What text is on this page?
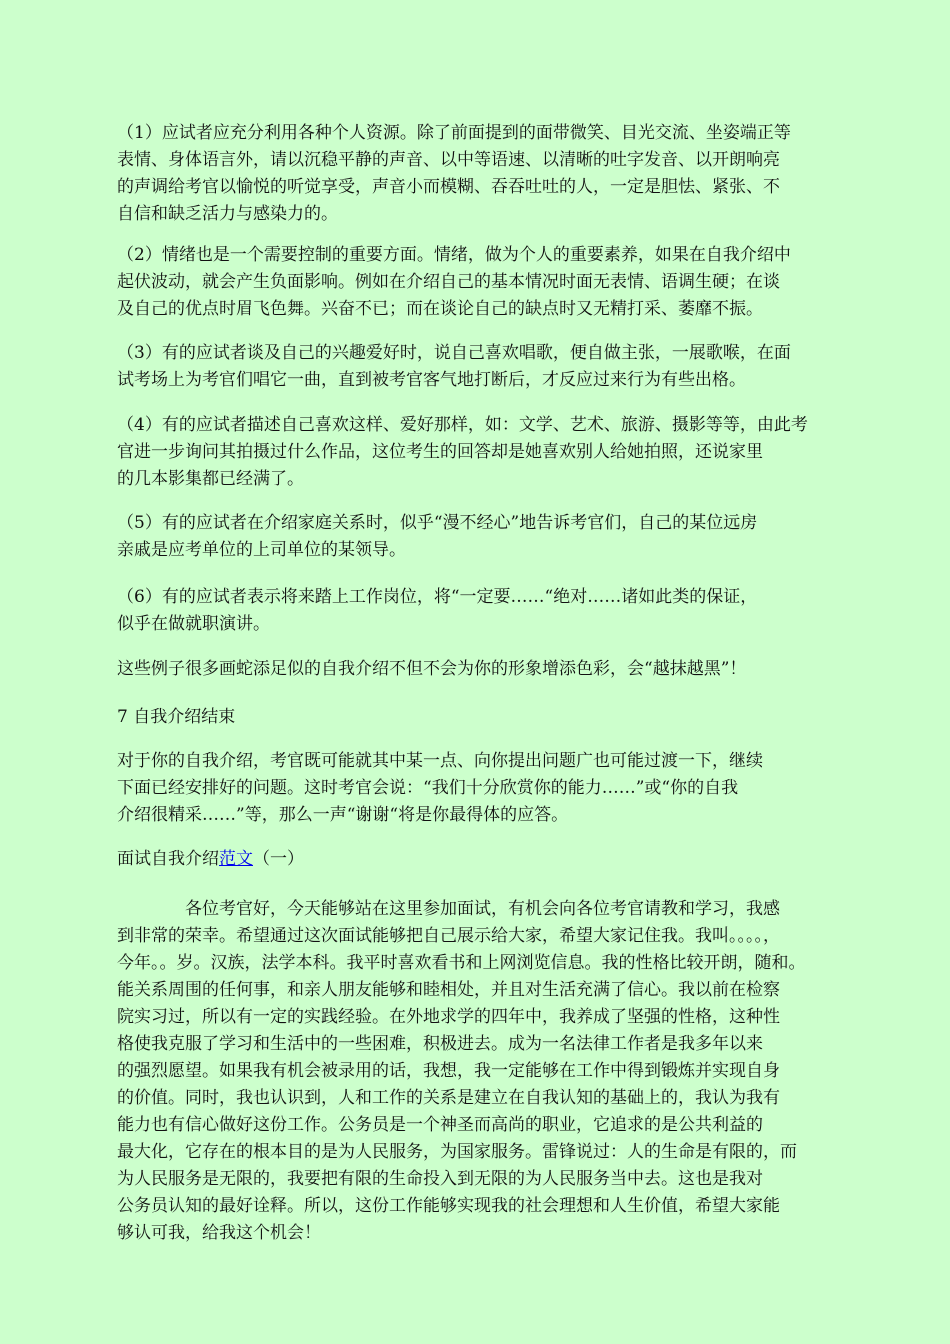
（1）应试者应充分利用各种个人资源。除了前面提到的面带微笑、目光交流、坐姿端正等
表情、身体语言外，请以沉稳平静的声音、以中等语速、以清晰的吐字发音、以开朗响亮
的声调给考官以愉悦的听觉享受，声音小而模糊、吞吞吐吐的人，一定是胆怯、紧张、不
自信和缺乏活力与感染力的。
（2）情绪也是一个需要控制的重要方面。情绪，做为个人的重要素养，如果在自我介绍中
起伏波动，就会产生负面影响。例如在介绍自己的基本情况时面无表情、语调生硬；在谈
及自己的优点时眉飞色舞。兴奋不已；而在谈论自己的缺点时又无精打采、萎靡不振。
（3）有的应试者谈及自己的兴趣爱好时，说自己喜欢唱歌，便自做主张，一展歌喉，在面
试考场上为考官们唱它一曲，直到被考官客气地打断后，才反应过来行为有些出格。
（4）有的应试者描述自己喜欢这样、爱好那样，如：文学、艺术、旅游、摄影等等，由此考
官进一步询问其拍摄过什么作品，这位考生的回答却是她喜欢别人给她拍照，还说家里
的几本影集都已经满了。
（5）有的应试者在介绍家庭关系时，似乎“漫不经心”地告诉考官们，自己的某位远房
亲戚是应考单位的上司单位的某领导。
（6）有的应试者表示将来踏上工作岗位，将“一定要……“绝对……诸如此类的保证，
似乎在做就职演讲。
这些例子很多画蛇添足似的自我介绍不但不会为你的形象增添色彩，会“越抹越黑”！
7 自我介绍结束
对于你的自我介绍，考官既可能就其中某一点、向你提出问题广也可能过渡一下，继续
下面已经安排好的问题。这时考官会说：“我们十分欣赏你的能力……”或“你的自我
介绍很精采……”等，那么一声“谢谢“将是你最得体的应答。
面试自我介绍范文（一）
　　　　各位考官好，今天能够站在这里参加面试，有机会向各位考官请教和学习，我感
到非常的荣幸。希望通过这次面试能够把自己展示给大家，希望大家记住我。我叫。。。。，
今年。。岁。汉族，法学本科。我平时喜欢看书和上网浏览信息。我的性格比较开朗，随和。
能关系周围的任何事，和亲人朋友能够和睦相处，并且对生活充满了信心。我以前在检察
院实习过，所以有一定的实践经验。在外地求学的四年中，我养成了坚强的性格，这种性
格使我克服了学习和生活中的一些困难，积极进去。成为一名法律工作者是我多年以来
的强烈愿望。如果我有机会被录用的话，我想，我一定能够在工作中得到锻炼并实现自身
的价值。同时，我也认识到，人和工作的关系是建立在自我认知的基础上的，我认为我有
能力也有信心做好这份工作。公务员是一个神圣而高尚的职业，它追求的是公共利益的
最大化，它存在的根本目的是为人民服务，为国家服务。雷锋说过：人的生命是有限的，而
为人民服务是无限的，我要把有限的生命投入到无限的为人民服务当中去。这也是我对
公务员认知的最好诠释。所以，这份工作能够实现我的社会理想和人生价值，希望大家能
够认可我，给我这个机会！
